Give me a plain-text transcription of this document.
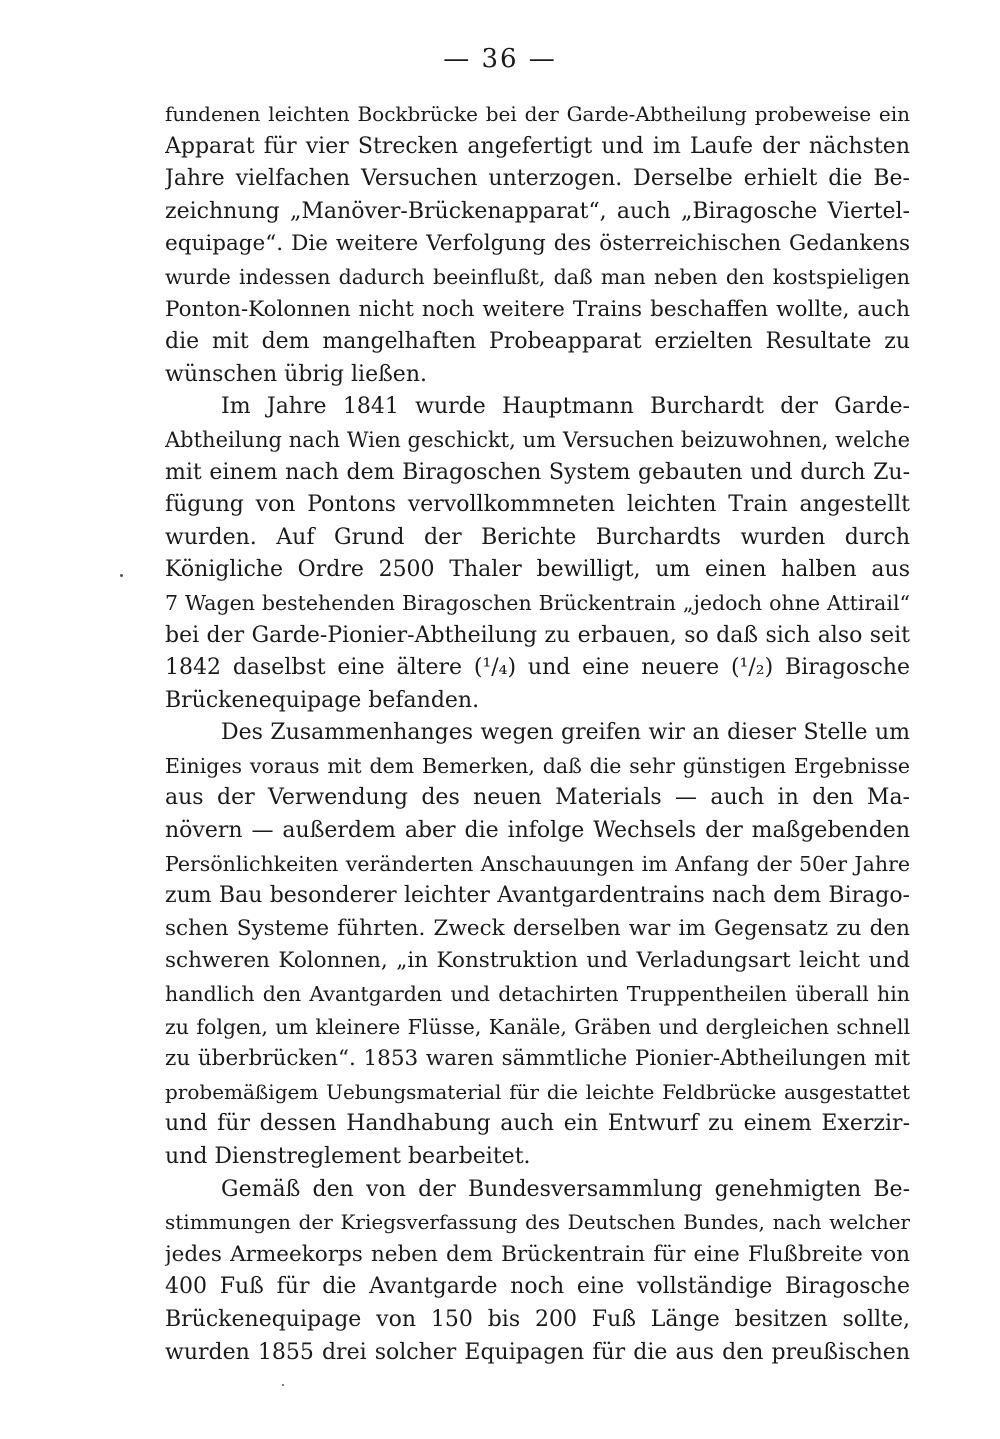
— 36 —

fundenen leichten Bockbrücke bei der Garde-Abtheilung probeweise ein
Apparat für vier Strecken angefertigt und im Laufe der nächsten
Jahre vielfachen Versuchen unterzogen. Derselbe erhielt die Be-
zeichnung „Manöver-Brückenapparat“, auch „Biragosche Viertel-
equipage“. Die weitere Verfolgung des österreichischen Gedankens
wurde indessen dadurch beeinflußt, daß man neben den kostspieligen
Ponton-Kolonnen nicht noch weitere Trains beschaffen wollte, auch
die mit dem mangelhaften Probeapparat erzielten Resultate zu
wünschen übrig ließen.

Im Jahre 1841 wurde Hauptmann Burchardt der Garde-
Abtheilung nach Wien geschickt, um Versuchen beizuwohnen, welche
mit einem nach dem Biragoschen System gebauten und durch Zu-
fügung von Pontons vervollkommneten leichten Train angestellt
wurden. Auf Grund der Berichte Burchardts wurden durch
Königliche Ordre 2500 Thaler bewilligt, um einen halben aus
7 Wagen bestehenden Biragoschen Brückentrain „jedoch ohne Attirail“
bei der Garde-Pionier-Abtheilung zu erbauen, so daß sich also seit
1842 daselbst eine ältere (¹/₄) und eine neuere (¹/₂) Biragosche
Brückenequipage befanden.

Des Zusammenhanges wegen greifen wir an dieser Stelle um
Einiges voraus mit dem Bemerken, daß die sehr günstigen Ergebnisse
aus der Verwendung des neuen Materials — auch in den Ma-
növern — außerdem aber die infolge Wechsels der maßgebenden
Persönlichkeiten veränderten Anschauungen im Anfang der 50er Jahre
zum Bau besonderer leichter Avantgardentrains nach dem Birago-
schen Systeme führten. Zweck derselben war im Gegensatz zu den
schweren Kolonnen, „in Konstruktion und Verladungsart leicht und
handlich den Avantgarden und detachirten Truppentheilen überall hin
zu folgen, um kleinere Flüsse, Kanäle, Gräben und dergleichen schnell
zu überbrücken“. 1853 waren sämmtliche Pionier-Abtheilungen mit
probemäßigem Uebungsmaterial für die leichte Feldbrücke ausgestattet
und für dessen Handhabung auch ein Entwurf zu einem Exerzir-
und Dienstreglement bearbeitet.

Gemäß den von der Bundesversammlung genehmigten Be-
stimmungen der Kriegsverfassung des Deutschen Bundes, nach welcher
jedes Armeekorps neben dem Brückentrain für eine Flußbreite von
400 Fuß für die Avantgarde noch eine vollständige Biragosche
Brückenequipage von 150 bis 200 Fuß Länge besitzen sollte,
wurden 1855 drei solcher Equipagen für die aus den preußischen
